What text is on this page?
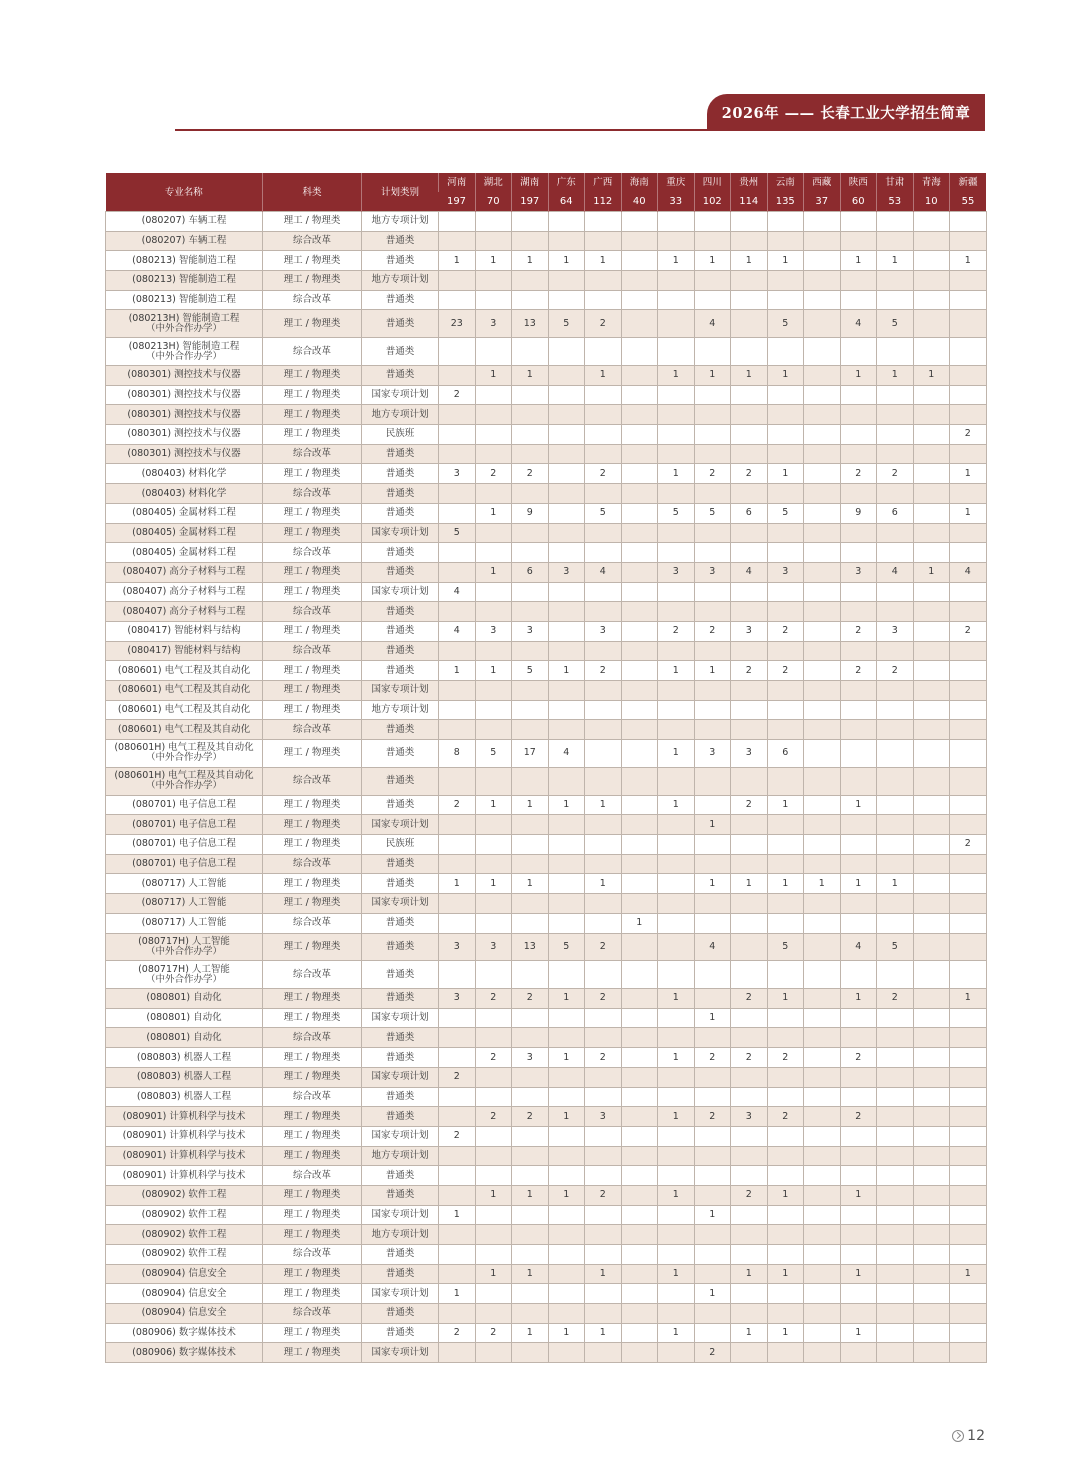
2026年 —— 长春工业大学招生简章
专业名称	科类	计划类别	河南	湖北	湖南	广东	广西	海南	重庆	四川	贵州	云南	西藏	陕西	甘肃	青海	新疆
			197	70	197	64	112	40	33	102	114	135	37	60	53	10	55
(080207) 车辆工程	理工 / 物理类	地方专项计划															
(080207) 车辆工程	综合改革	普通类															
(080213) 智能制造工程	理工 / 物理类	普通类	1	1	1	1	1		1	1	1	1		1	1		1
(080213) 智能制造工程	理工 / 物理类	地方专项计划															
(080213) 智能制造工程	综合改革	普通类															
(080213H) 智能制造工程
（中外合作办学）	理工 / 物理类	普通类	23	3	13	5	2			4		5		4	5		
(080213H) 智能制造工程
（中外合作办学）	综合改革	普通类															
(080301) 测控技术与仪器	理工 / 物理类	普通类		1	1		1		1	1	1	1		1	1	1	
(080301) 测控技术与仪器	理工 / 物理类	国家专项计划	2														
(080301) 测控技术与仪器	理工 / 物理类	地方专项计划															
(080301) 测控技术与仪器	理工 / 物理类	民族班															2
(080301) 测控技术与仪器	综合改革	普通类															
(080403) 材料化学	理工 / 物理类	普通类	3	2	2		2		1	2	2	1		2	2		1
(080403) 材料化学	综合改革	普通类															
(080405) 金属材料工程	理工 / 物理类	普通类		1	9		5		5	5	6	5		9	6		1
(080405) 金属材料工程	理工 / 物理类	国家专项计划	5														
(080405) 金属材料工程	综合改革	普通类															
(080407) 高分子材料与工程	理工 / 物理类	普通类		1	6	3	4		3	3	4	3		3	4	1	4
(080407) 高分子材料与工程	理工 / 物理类	国家专项计划	4														
(080407) 高分子材料与工程	综合改革	普通类															
(080417) 智能材料与结构	理工 / 物理类	普通类	4	3	3		3		2	2	3	2		2	3		2
(080417) 智能材料与结构	综合改革	普通类															
(080601) 电气工程及其自动化	理工 / 物理类	普通类	1	1	5	1	2		1	1	2	2		2	2		
(080601) 电气工程及其自动化	理工 / 物理类	国家专项计划															
(080601) 电气工程及其自动化	理工 / 物理类	地方专项计划															
(080601) 电气工程及其自动化	综合改革	普通类															
(080601H) 电气工程及其自动化
（中外合作办学）	理工 / 物理类	普通类	8	5	17	4			1	3	3	6					
(080601H) 电气工程及其自动化
（中外合作办学）	综合改革	普通类															
(080701) 电子信息工程	理工 / 物理类	普通类	2	1	1	1	1		1		2	1		1			
(080701) 电子信息工程	理工 / 物理类	国家专项计划								1							
(080701) 电子信息工程	理工 / 物理类	民族班															2
(080701) 电子信息工程	综合改革	普通类															
(080717) 人工智能	理工 / 物理类	普通类	1	1	1		1			1	1	1	1	1	1		
(080717) 人工智能	理工 / 物理类	国家专项计划															
(080717) 人工智能	综合改革	普通类						1									
(080717H) 人工智能
（中外合作办学）	理工 / 物理类	普通类	3	3	13	5	2			4		5		4	5		
(080717H) 人工智能
（中外合作办学）	综合改革	普通类															
(080801) 自动化	理工 / 物理类	普通类	3	2	2	1	2		1		2	1		1	2		1
(080801) 自动化	理工 / 物理类	国家专项计划								1							
(080801) 自动化	综合改革	普通类															
(080803) 机器人工程	理工 / 物理类	普通类		2	3	1	2		1	2	2	2		2			
(080803) 机器人工程	理工 / 物理类	国家专项计划	2														
(080803) 机器人工程	综合改革	普通类															
(080901) 计算机科学与技术	理工 / 物理类	普通类		2	2	1	3		1	2	3	2		2			
(080901) 计算机科学与技术	理工 / 物理类	国家专项计划	2														
(080901) 计算机科学与技术	理工 / 物理类	地方专项计划															
(080901) 计算机科学与技术	综合改革	普通类															
(080902) 软件工程	理工 / 物理类	普通类		1	1	1	2		1		2	1		1			
(080902) 软件工程	理工 / 物理类	国家专项计划	1							1							
(080902) 软件工程	理工 / 物理类	地方专项计划															
(080902) 软件工程	综合改革	普通类															
(080904) 信息安全	理工 / 物理类	普通类		1	1		1		1		1	1		1			1
(080904) 信息安全	理工 / 物理类	国家专项计划	1							1							
(080904) 信息安全	综合改革	普通类															
(080906) 数字媒体技术	理工 / 物理类	普通类	2	2	1	1	1		1		1	1		1			
(080906) 数字媒体技术	理工 / 物理类	国家专项计划								2							
12
